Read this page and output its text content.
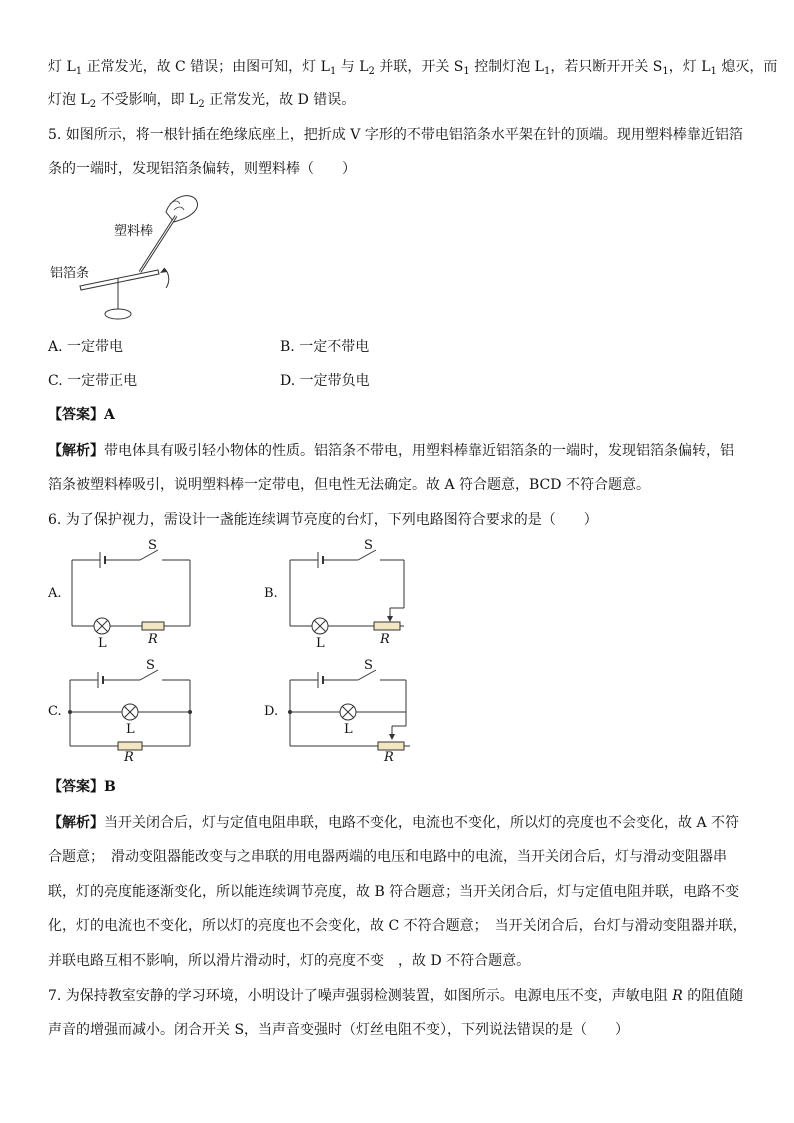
灯 $L_1$ 正常发光，故 C 错误；由图可知，灯 $L_1$ 与 $L_2$ 并联，开关 $S_1$ 控制灯泡 $L_1$，若只断开开关 $S_1$，灯 $L_1$ 熄灭，而
灯泡 $L_2$ 不受影响，即 $L_2$ 正常发光，故 D 错误。
5. 如图所示，将一根针插在绝缘底座上，把折成 V 字形的不带电铝箔条水平架在针的顶端。现用塑料棒靠近铝箔
条的一端时，发现铝箔条偏转，则塑料棒（　　）
塑料棒
铝箔条
A. 一定带电	B. 一定不带电
C. 一定带正电	D. 一定带负电
【答案】A
【解析】带电体具有吸引轻小物体的性质。铝箔条不带电，用塑料棒靠近铝箔条的一端时，发现铝箔条偏转，铝
箔条被塑料棒吸引，说明塑料棒一定带电，但电性无法确定。故 A 符合题意，BCD 不符合题意。
6. 为了保护视力，需设计一盏能连续调节亮度的台灯，下列电路图符合要求的是（　　）
A.
S
L	R
B.
S
L	R
C.
S
L
R
D.
S
L
R
【答案】B
【解析】当开关闭合后，灯与定值电阻串联，电路不变化，电流也不变化，所以灯的亮度也不会变化，故 A 不符
合题意；　滑动变阻器能改变与之串联的用电器两端的电压和电路中的电流，当开关闭合后，灯与滑动变阻器串
联，灯的亮度能逐渐变化，所以能连续调节亮度，故 B 符合题意；当开关闭合后，灯与定值电阻并联，电路不变
化，灯的电流也不变化，所以灯的亮度也不会变化，故 C 不符合题意；　当开关闭合后，台灯与滑动变阻器并联，
并联电路互相不影响，所以滑片滑动时，灯的亮度不变　，故 D 不符合题意。
7. 为保持教室安静的学习环境，小明设计了噪声强弱检测装置，如图所示。电源电压不变，声敏电阻 R 的阻值随
声音的增强而减小。闭合开关 S，当声音变强时（灯丝电阻不变），下列说法错误的是（　　）
